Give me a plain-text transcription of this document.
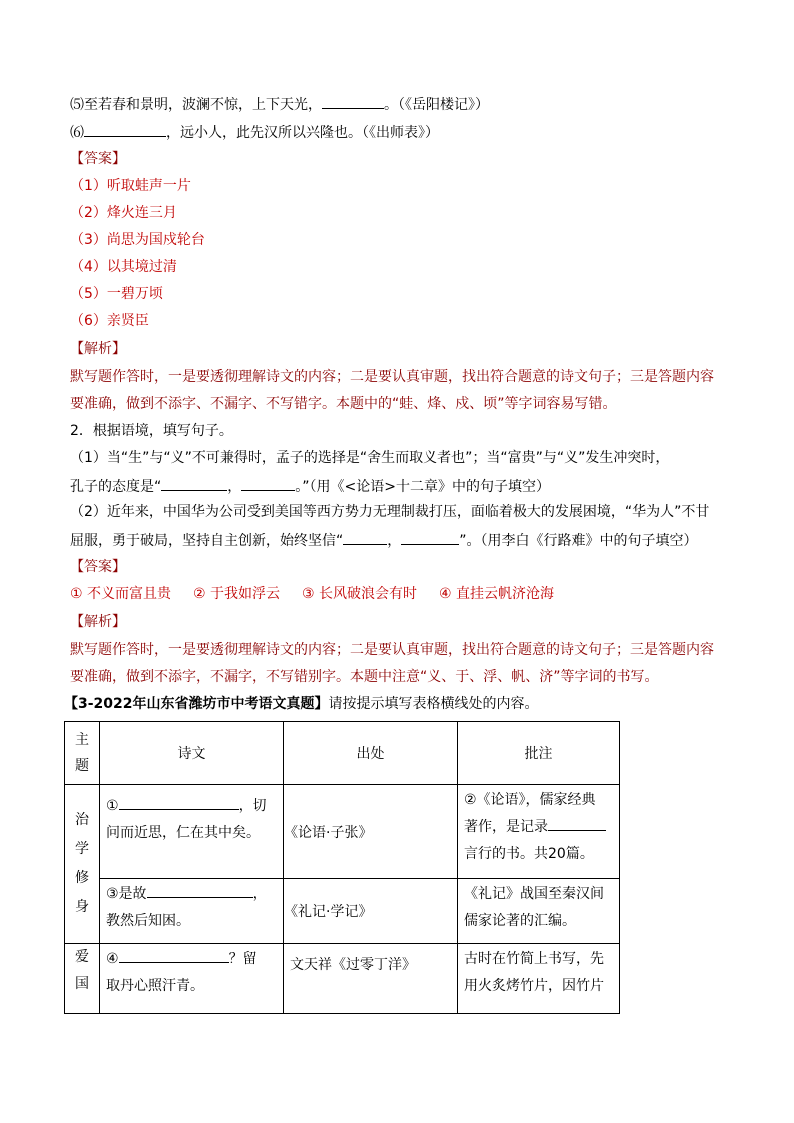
⑸至若春和景明，波澜不惊，上下天光，	。（《岳阳楼记》）
⑹	，远小人，此先汉所以兴隆也。（《出师表》）
【答案】
（1）听取蛙声一片
（2）烽火连三月
（3）尚思为国戍轮台
（4）以其境过清
（5）一碧万顷
（6）亲贤臣
【解析】
默写题作答时，一是要透彻理解诗文的内容；二是要认真审题，找出符合题意的诗文句子；三是答题内容
要准确，做到不添字、不漏字、不写错字。本题中的“蛙、烽、戍、顷”等字词容易写错。
2．根据语境，填写句子。
（1）当“生”与“义”不可兼得时，孟子的选择是“舍生而取义者也”；当“富贵”与“义”发生冲突时，
孔子的态度是“	，	。”（用《<论语>十二章》中的句子填空）
（2）近年来，中国华为公司受到美国等西方势力无理制裁打压，面临着极大的发展困境，“华为人”不甘
屈服，勇于破局，坚持自主创新，始终坚信“	，	”。（用李白《行路难》中的句子填空）
【答案】
① 不义而富且贵 ② 于我如浮云 ③ 长风破浪会有时 ④ 直挂云帆济沧海
【解析】
默写题作答时，一是要透彻理解诗文的内容；二是要认真审题，找出符合题意的诗文句子；三是答题内容
要准确，做到不添字，不漏字，不写错别字。本题中注意“义、于、浮、帆、济”等字词的书写。
【3-2022年山东省潍坊市中考语文真题】请按提示填写表格横线处的内容。
主题	诗文	出处	批注

治学修身	① ，切
问而近思，仁在其中矣。	《论语·子张》	②《论语》，儒家经典
著作，是记录
言行的书。共20篇。

	③是故 ，
教然后知困。	《礼记·学记》	《礼记》战国至秦汉间
儒家论著的汇编。

爱国	④ ？留
取丹心照汗青。	文天祥《过零丁洋》	古时在竹简上书写，先
用火炙烤竹片，因竹片
